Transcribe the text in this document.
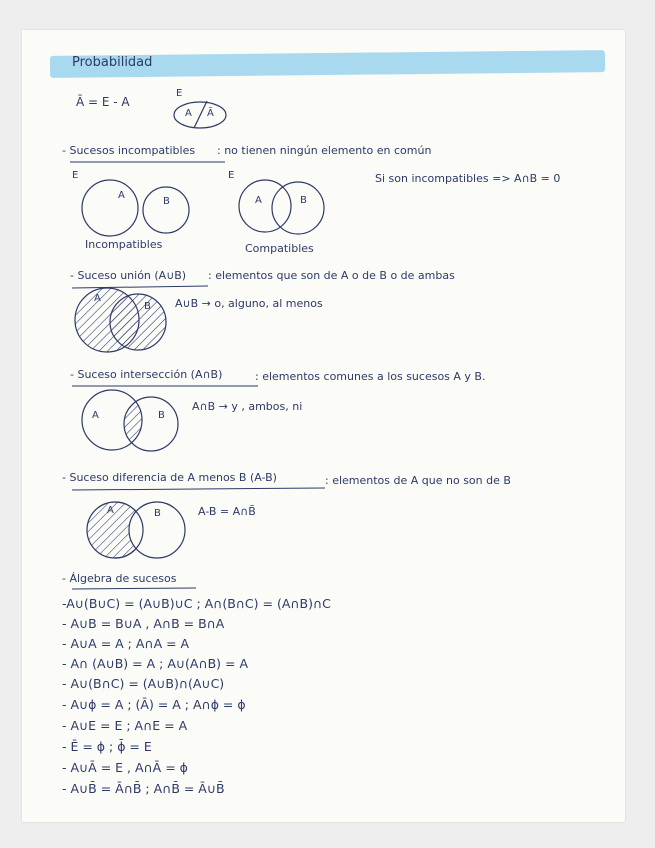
Probabilidad
Ā = E - A
E
A Ā
- Sucesos incompatibles : no tienen ningún elemento en común
E	E
A
B	A	B
Incompatibles	Compatibles
Si son incompatibles => A∩B = 0
- Suceso unión (A∪B) : elementos que son de A o de B o de ambas
A
B A∪B → o, alguno, al menos
- Suceso intersección (A∩B)	: elementos comunes a los sucesos A y B.
A	B
A∩B → y , ambos, ni
- Suceso diferencia de A menos B (A-B)	: elementos de A que no son de B
A	B	A-B = A∩B̄
- Álgebra de sucesos
-A∪(B∪C) = (A∪B)∪C ; A∩(B∩C) = (A∩B)∩C
- A∪B = B∪A , A∩B = B∩A
- A∪A = A ; A∩A = A
- A∩ (A∪B) = A ; A∪(A∩B) = A
- A∪(B∩C) = (A∪B)∩(A∪C)
- A∪ϕ = A ; (Ā) = A ; A∩ϕ = ϕ
- A∪E = E ; A∩E = A
- Ē = ϕ ; ϕ̄ = E
- A∪Ā = E , A∩Ā = ϕ
- A∪B̄ = Ā∩B̄ ; A∩B̄ = Ā∪B̄
